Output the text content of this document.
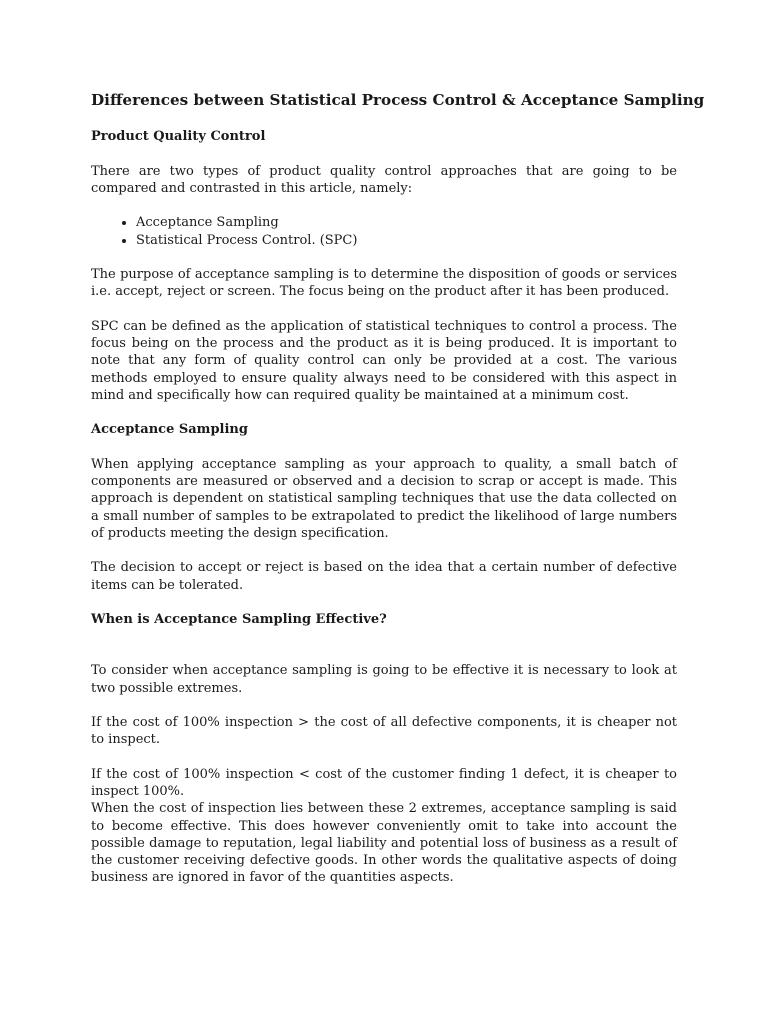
Differences between Statistical Process Control & Acceptance Sampling
Product Quality Control

There are two types of product quality control approaches that are going to be compared and contrasted in this article, namely:

• Acceptance Sampling
• Statistical Process Control. (SPC)

The purpose of acceptance sampling is to determine the disposition of goods or services i.e. accept, reject or screen. The focus being on the product after it has been produced.

SPC can be defined as the application of statistical techniques to control a process. The focus being on the process and the product as it is being produced. It is important to note that any form of quality control can only be provided at a cost. The various methods employed to ensure quality always need to be considered with this aspect in mind and specifically how can required quality be maintained at a minimum cost.

Acceptance Sampling

When applying acceptance sampling as your approach to quality, a small batch of components are measured or observed and a decision to scrap or accept is made. This approach is dependent on statistical sampling techniques that use the data collected on a small number of samples to be extrapolated to predict the likelihood of large numbers of products meeting the design specification.

The decision to accept or reject is based on the idea that a certain number of defective items can be tolerated.

When is Acceptance Sampling Effective?

To consider when acceptance sampling is going to be effective it is necessary to look at two possible extremes.

If the cost of 100% inspection > the cost of all defective components, it is cheaper not to inspect.

If the cost of 100% inspection < cost of the customer finding 1 defect, it is cheaper to inspect 100%.

When the cost of inspection lies between these 2 extremes, acceptance sampling is said to become effective. This does however conveniently omit to take into account the possible damage to reputation, legal liability and potential loss of business as a result of the customer receiving defective goods. In other words the qualitative aspects of doing business are ignored in favor of the quantities aspects.
